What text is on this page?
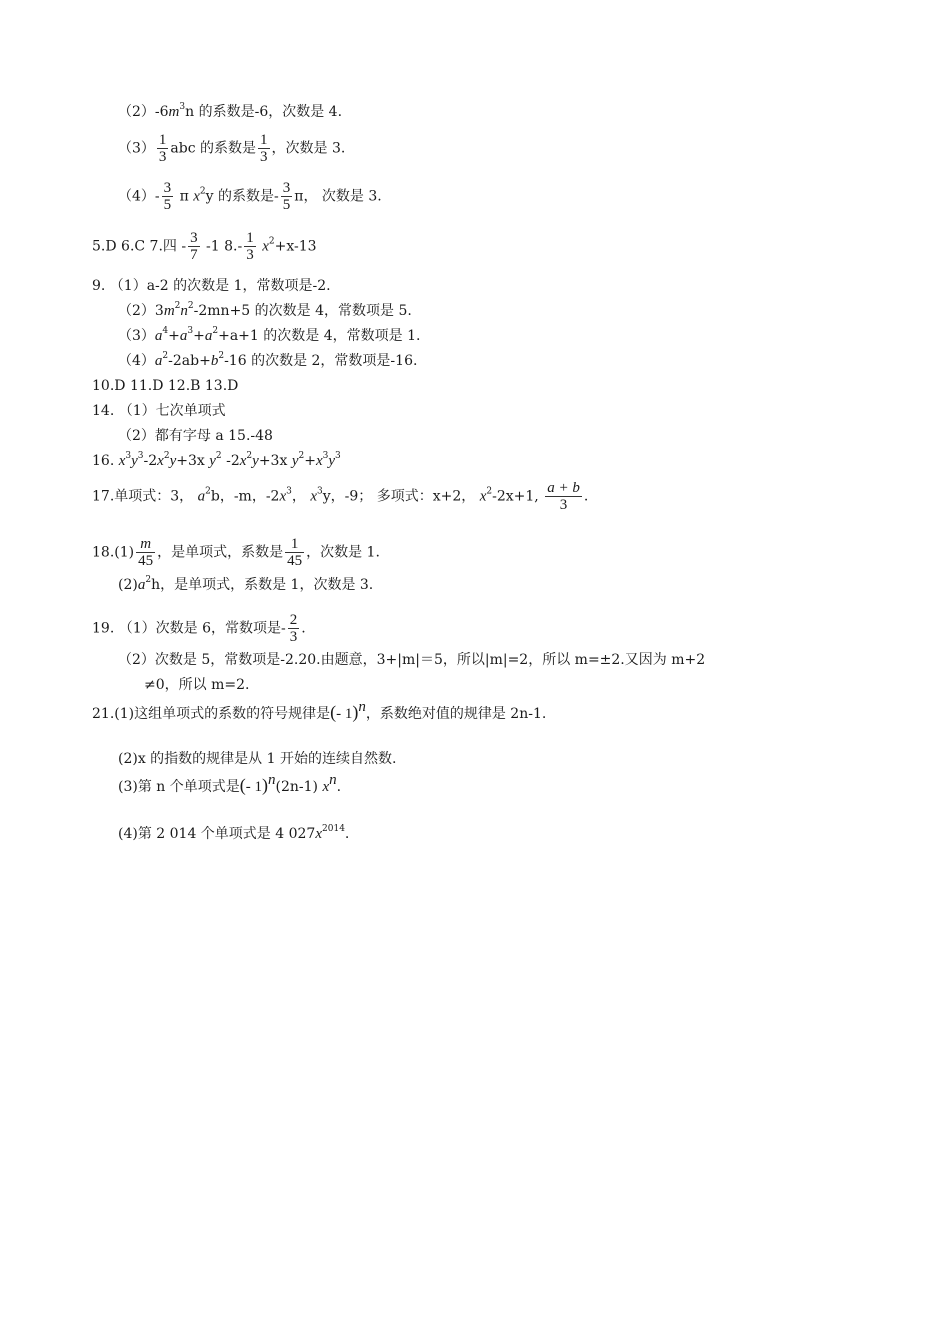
$(2)-6m^3n$ 的系数是-6，次数是 4.
$(3) \frac{1}{3}$ abc 的系数是 $\frac{1}{3}$ ，次数是 3.
$(4)- \frac{3}{5}$ π $x^2y$ 的系数是- $\frac{3}{5}$ π， 次数是 3.
5.D 6.C 7.四 - $\frac{3}{7} -1$ $8.- \frac{1}{3} x^2+x-13$
9. （1）a-2 的次数是 1，常数项是-2.
$(2)3m^2n^2-2mn+5$ 的次数是 4，常数项是 5.
$(3)a^4+a^3+a^2+a+1$ 的次数是 4，常数项是 1.
$(4)a^2-2ab+b^2-16$ 的次数是 2，常数项是-16.
10.D 11.D 12.B 13.D
14. （1）七次单项式
（2）都有字母 a 15.-48
16. $x^3y^3-2x^2y+3x$ $y^2$ $-2x^2y+3x$ $y^2+x^3y^3$
17.单项式：3， $a^2b$，-m，$-2x^3$， $x^3y$，-9； 多项式：x+2， $x^2-2x+1$, $\frac{a + b}{3}$ .
$18.(1) \frac{m}{45}$ ，是单项式，系数是 $\frac{1}{45}$ ，次数是 1.
$(2)a^2h$，是单项式，系数是 1，次数是 3.
19. （1）次数是 6，常数项是- $\frac{2}{3}$ .
（2）次数是 5，常数项是-2.20.由题意，3+|m|＝5，所以|m|=2，所以 m=±2.又因为 m+2
≠0，所以 m=2.
21.(1)这组单项式的系数的符号规律是(- 1)$^n$，系数绝对值的规律是 2n-1.
(2)x 的指数的规律是从 1 开始的连续自然数.
(3)第 n 个单项式是(- 1)$^n$(2n-1) $x^n$.
(4)第 2 014 个单项式是 4 $027x^{2014}$.
